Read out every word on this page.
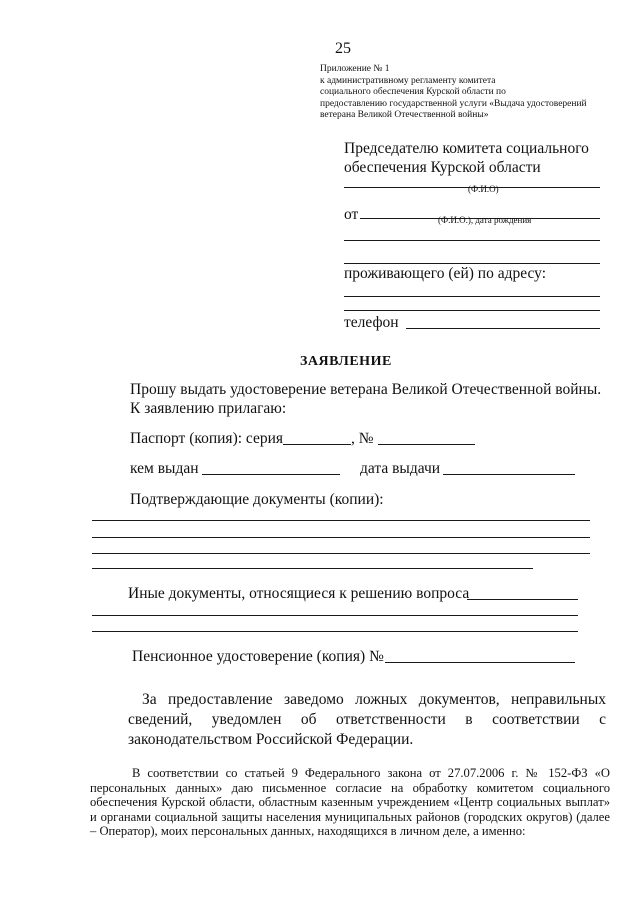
25
Приложение № 1
к административному регламенту комитета
социального обеспечения Курской области по
предоставлению государственной услуги «Выдача удостоверений
ветерана Великой Отечественной войны»
Председателю комитета социального
обеспечения Курской области
(Ф.И.О)
от	(Ф.И.О.), дата рождения
проживающего (ей) по адресу:
телефон
ЗАЯВЛЕНИЕ
Прошу выдать удостоверение ветерана Великой Отечественной войны.
К заявлению прилагаю:
Паспорт (копия): серия	, №
кем выдан	дата выдачи
Подтверждающие документы (копии):
Иные документы, относящиеся к решению вопроса
Пенсионное удостоверение (копия) №
За предоставление заведомо ложных документов, неправильных сведений, уведомлен об ответственности в соответствии с законодательством Российской Федерации.
В соответствии со статьей 9 Федерального закона от 27.07.2006 г. № 152-ФЗ «О персональных данных» даю письменное согласие на обработку комитетом социального обеспечения Курской области, областным казенным учреждением «Центр социальных выплат» и органами социальной защиты населения муниципальных районов (городских округов) (далее – Оператор), моих персональных данных, находящихся в личном деле, а именно:
